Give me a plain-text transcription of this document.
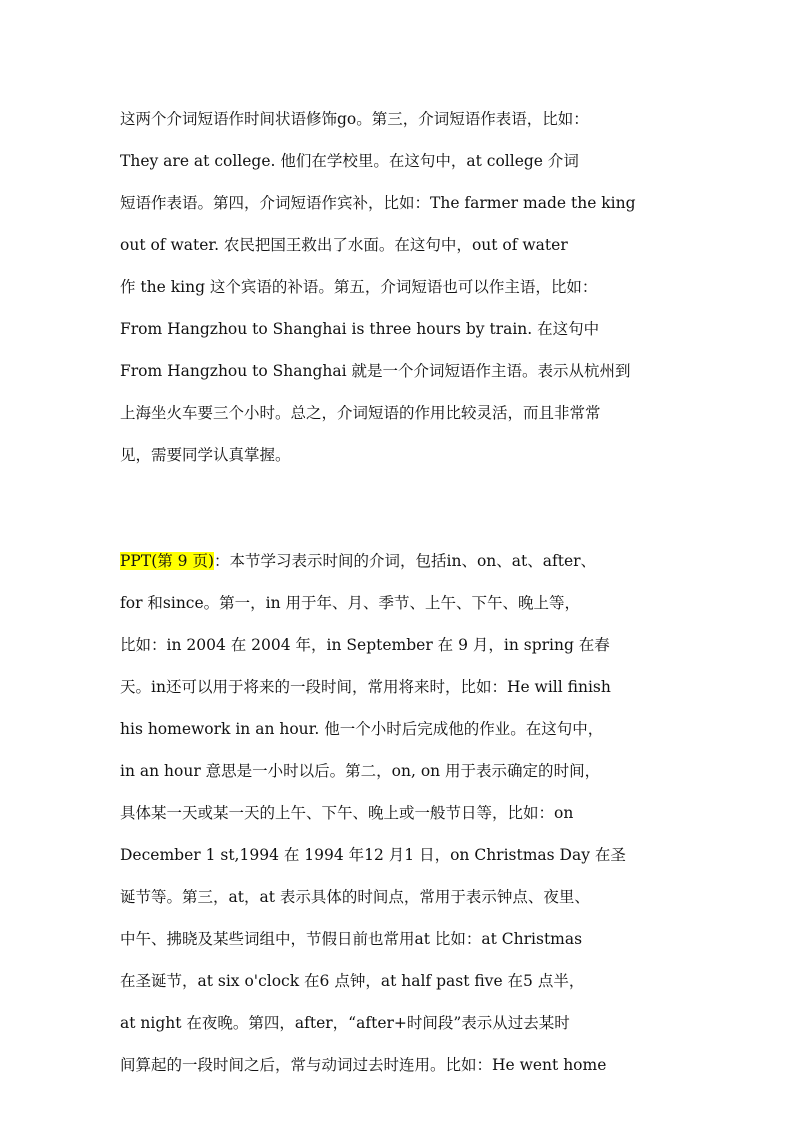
这两个介词短语作时间状语修饰go。第三，介词短语作表语，比如：
They are at college. 他们在学校里。在这句中，at college 介词
短语作表语。第四，介词短语作宾补，比如：The farmer made the king
out of water. 农民把国王救出了水面。在这句中，out of water
作 the king 这个宾语的补语。第五，介词短语也可以作主语，比如：
From Hangzhou to Shanghai is three hours by train. 在这句中
From Hangzhou to Shanghai 就是一个介词短语作主语。表示从杭州到
上海坐火车要三个小时。总之，介词短语的作用比较灵活，而且非常常
见，需要同学认真掌握。
PPT(第 9 页)：本节学习表示时间的介词，包括in、on、at、after、
for 和since。第一，in 用于年、月、季节、上午、下午、晚上等，
比如：in 2004 在 2004 年，in September 在 9 月，in spring 在春
天。in还可以用于将来的一段时间，常用将来时，比如：He will finish
his homework in an hour. 他一个小时后完成他的作业。在这句中，
in an hour 意思是一小时以后。第二，on, on 用于表示确定的时间，
具体某一天或某一天的上午、下午、晚上或一般节日等，比如：on
December 1 st,1994 在 1994 年12 月1 日，on Christmas Day 在圣
诞节等。第三，at，at 表示具体的时间点，常用于表示钟点、夜里、
中午、拂晓及某些词组中，节假日前也常用at 比如：at Christmas
在圣诞节，at six o'clock 在6 点钟，at half past five 在5 点半，
at night 在夜晚。第四，after，“after+时间段”表示从过去某时
间算起的一段时间之后，常与动词过去时连用。比如：He went home
